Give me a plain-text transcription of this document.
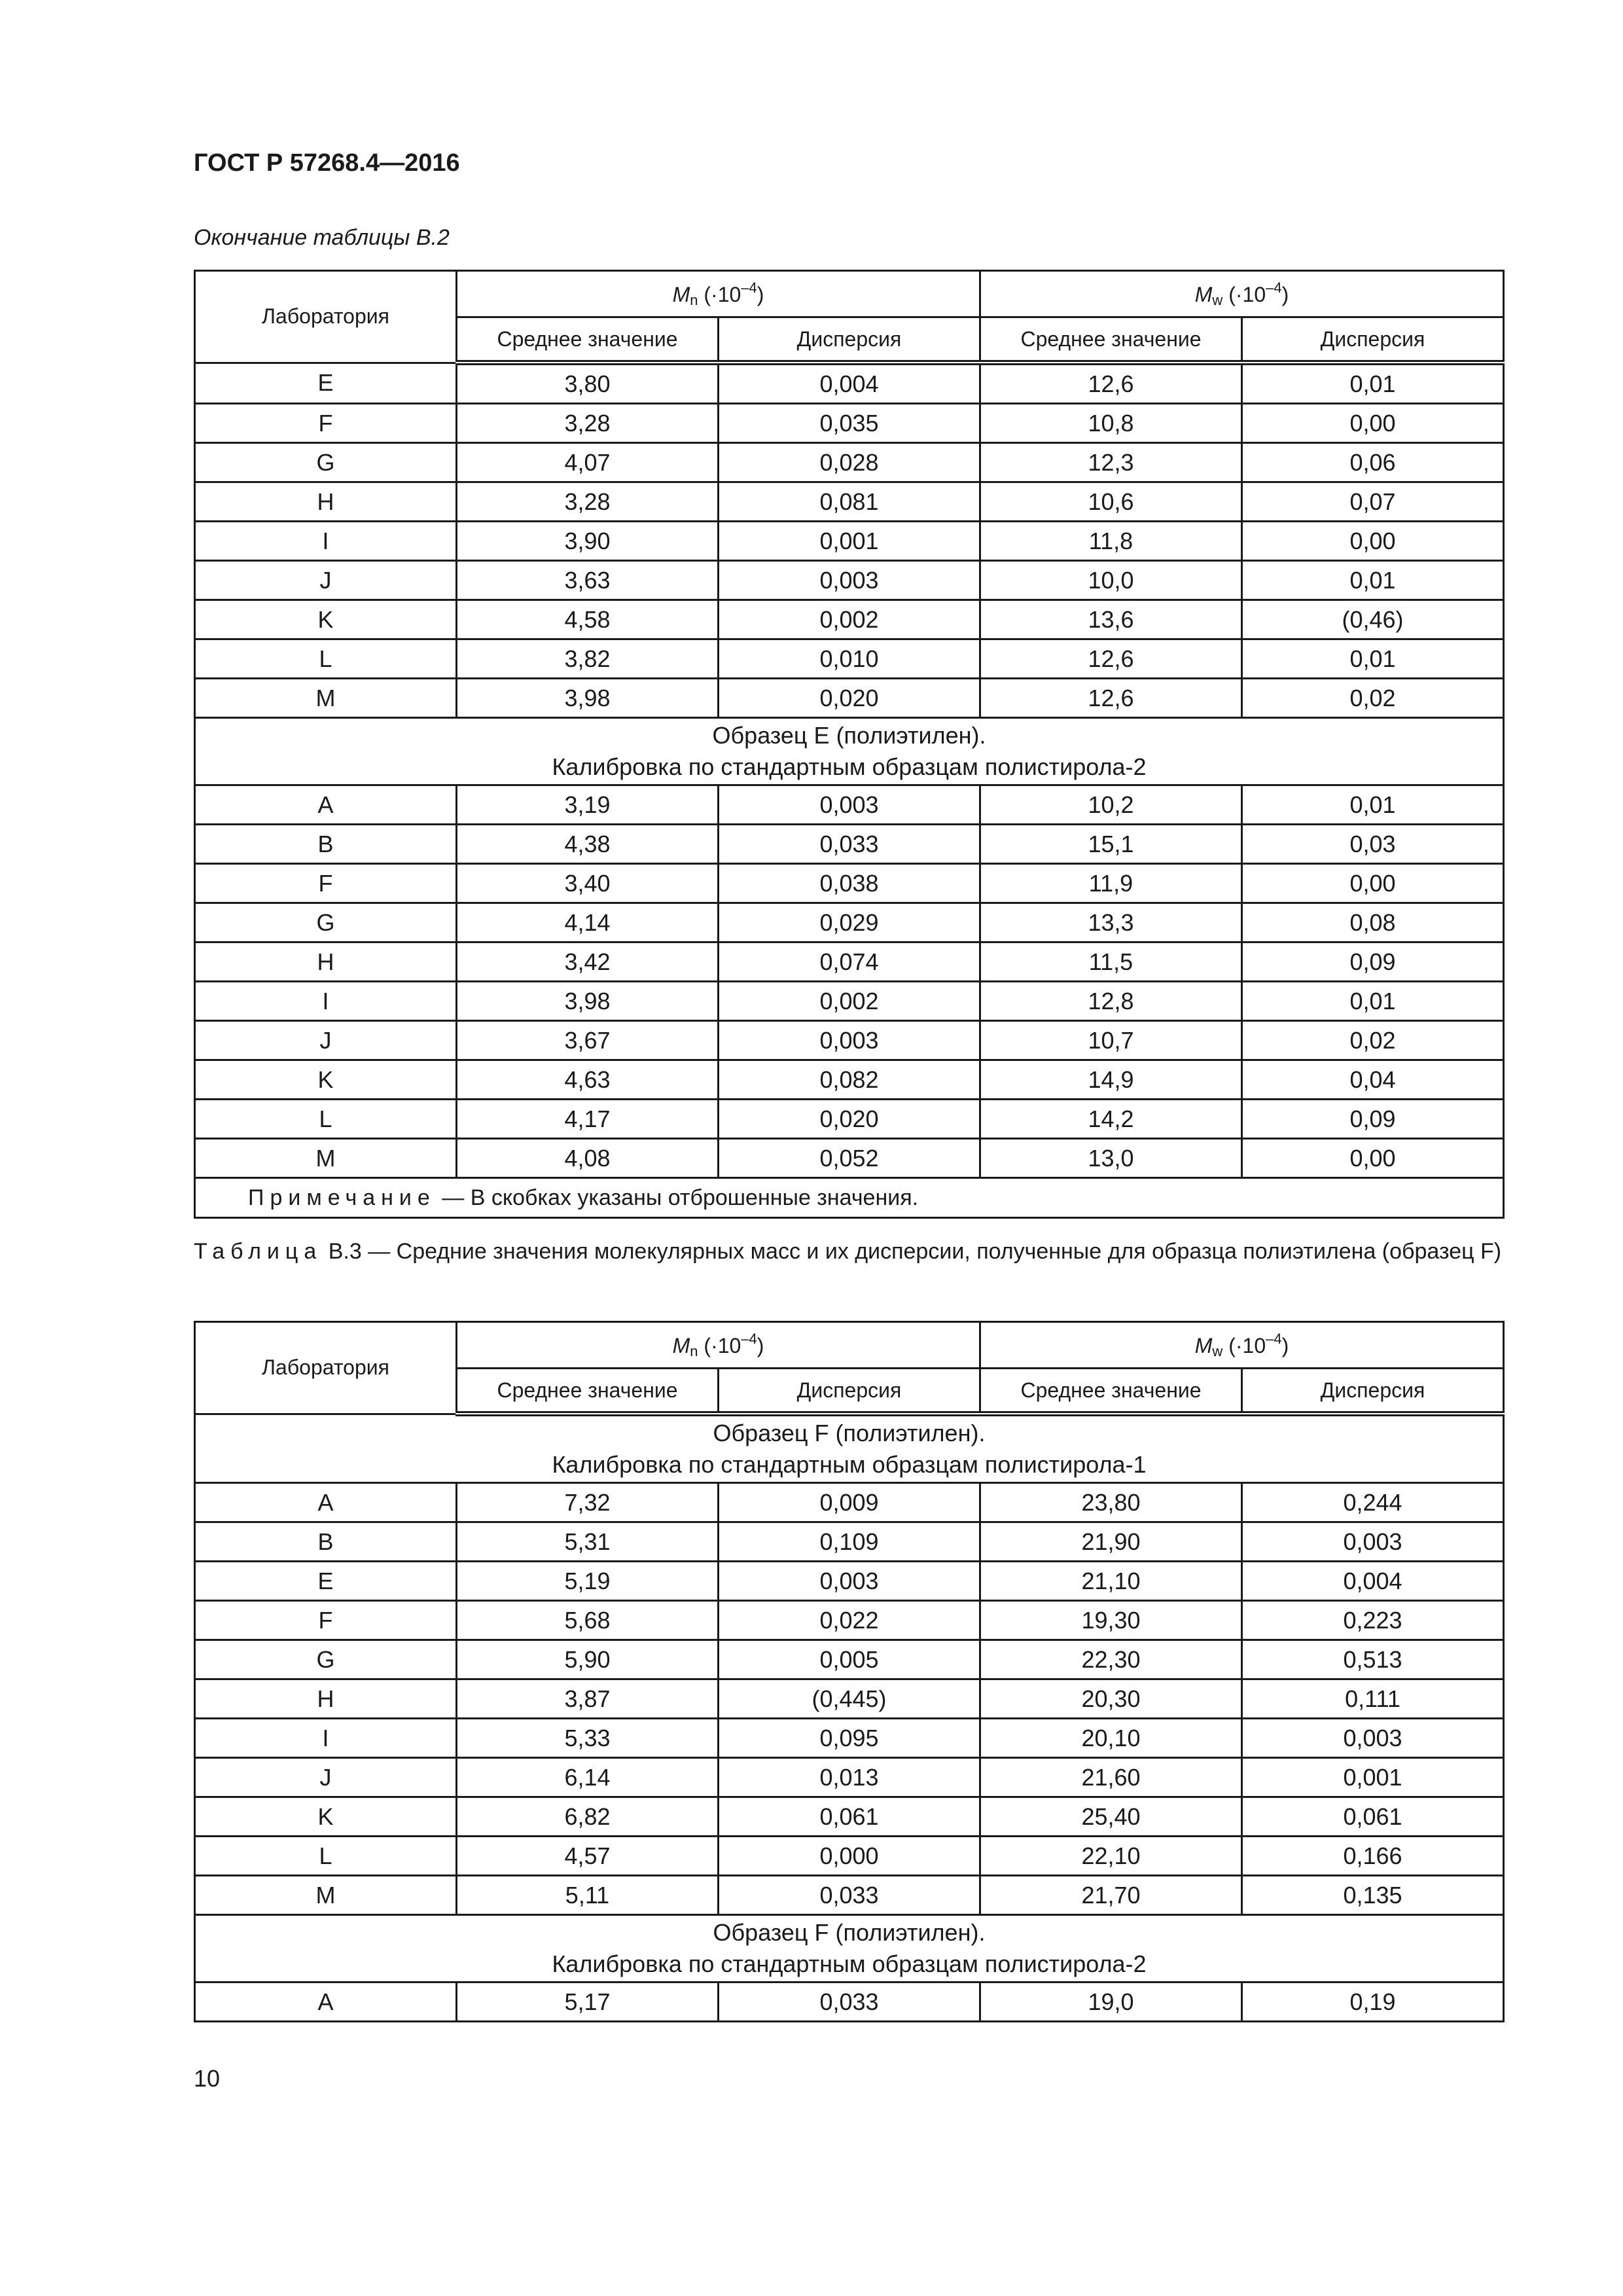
ГОСТ Р 57268.4—2016
Окончание таблицы В.2
Лаборатория	$M_n$ $(\cdot 10^{-4})$		$M_w$ $(\cdot 10^{-4})$	
	Среднее значение	Дисперсия	Среднее значение	Дисперсия
E	3,80	0,004	12,6	0,01
F	3,28	0,035	10,8	0,00
G	4,07	0,028	12,3	0,06
H	3,28	0,081	10,6	0,07
I	3,90	0,001	11,8	0,00
J	3,63	0,003	10,0	0,01
K	4,58	0,002	13,6	(0,46)
L	3,82	0,010	12,6	0,01
M	3,98	0,020	12,6	0,02

Образец E (полиэтилен).
Калибровка по стандартным образцам полистирола-2				

A	3,19	0,003	10,2	0,01
B	4,38	0,033	15,1	0,03
F	3,40	0,038	11,9	0,00
G	4,14	0,029	13,3	0,08
H	3,42	0,074	11,5	0,09
I	3,98	0,002	12,8	0,01
J	3,67	0,003	10,7	0,02
K	4,63	0,082	14,9	0,04
L	4,17	0,020	14,2	0,09
M	4,08	0,052	13,0	0,00
Примечание — В скобках указаны отброшенные значения.				
Таблица В.3 — Средние значения молекулярных масс и их дисперсии, полученные для образца полиэтилена (образец F)
Лаборатория	$M_n$ $(\cdot 10^{-4})$		$M_w$ $(\cdot 10^{-4})$	
	Среднее значение	Дисперсия	Среднее значение	Дисперсия

Образец F (полиэтилен).
Калибровка по стандартным образцам полистирола-1				

A	7,32	0,009	23,80	0,244
B	5,31	0,109	21,90	0,003
E	5,19	0,003	21,10	0,004
F	5,68	0,022	19,30	0,223
G	5,90	0,005	22,30	0,513
H	3,87	(0,445)	20,30	0,111
I	5,33	0,095	20,10	0,003
J	6,14	0,013	21,60	0,001
K	6,82	0,061	25,40	0,061
L	4,57	0,000	22,10	0,166
M	5,11	0,033	21,70	0,135

Образец F (полиэтилен).
Калибровка по стандартным образцам полистирола-2				

A	5,17	0,033	19,0	0,19
10
